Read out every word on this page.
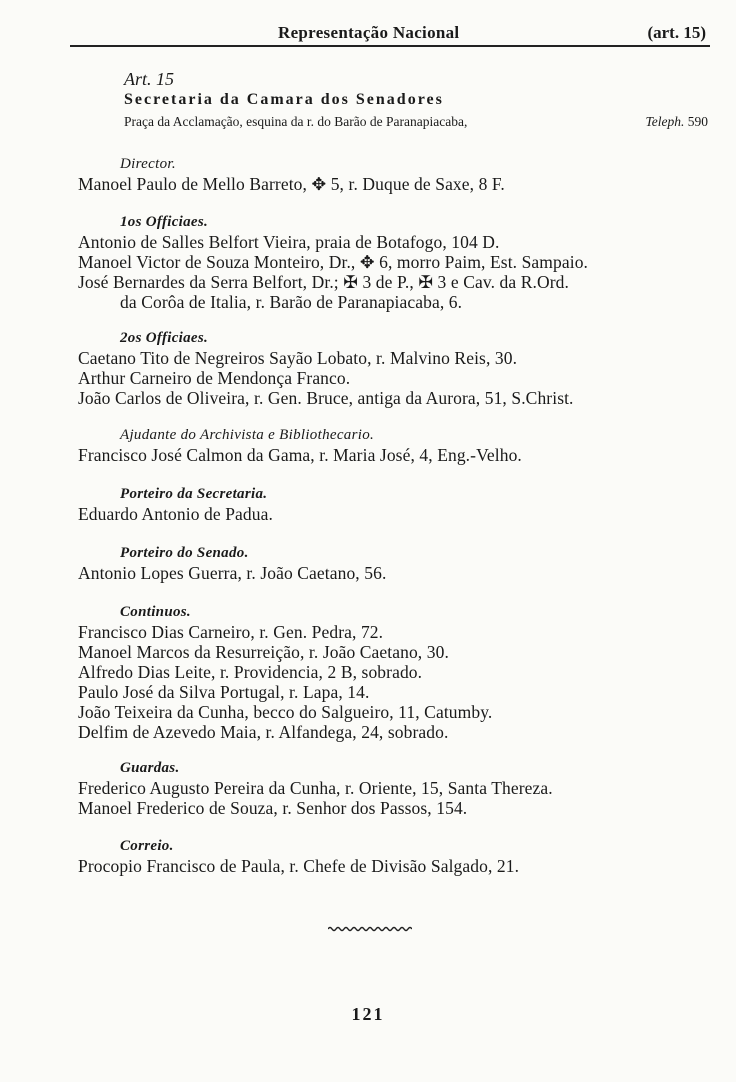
Representação Nacional	(art. 15)
Art. 15
Secretaria da Camara dos Senadores
Praça da Acclamação, esquina da r. do Barão de Paranapiacaba,	Teleph. 590
Director.
Manoel Paulo de Mello Barreto, ✥ 5, r. Duque de Saxe, 8 F.
1os Officiaes.
Antonio de Salles Belfort Vieira, praia de Botafogo, 104 D.
Manoel Victor de Souza Monteiro, Dr., ✥ 6, morro Paim, Est. Sampaio.
José Bernardes da Serra Belfort, Dr.; ✠ 3 de P., ✠ 3 e Cav. da R.Ord.
da Corôa de Italia, r. Barão de Paranapiacaba, 6.
2os Officiaes.
Caetano Tito de Negreiros Sayão Lobato, r. Malvino Reis, 30.
Arthur Carneiro de Mendonça Franco.
João Carlos de Oliveira, r. Gen. Bruce, antiga da Aurora, 51, S.Christ.
Ajudante do Archivista e Bibliothecario.
Francisco José Calmon da Gama, r. Maria José, 4, Eng.-Velho.
Porteiro da Secretaria.
Eduardo Antonio de Padua.
Porteiro do Senado.
Antonio Lopes Guerra, r. João Caetano, 56.
Continuos.
Francisco Dias Carneiro, r. Gen. Pedra, 72.
Manoel Marcos da Resurreição, r. João Caetano, 30.
Alfredo Dias Leite, r. Providencia, 2 B, sobrado.
Paulo José da Silva Portugal, r. Lapa, 14.
João Teixeira da Cunha, becco do Salgueiro, 11, Catumby.
Delfim de Azevedo Maia, r. Alfandega, 24, sobrado.
Guardas.
Frederico Augusto Pereira da Cunha, r. Oriente, 15, Santa Thereza.
Manoel Frederico de Souza, r. Senhor dos Passos, 154.
Correio.
Procopio Francisco de Paula, r. Chefe de Divisão Salgado, 21.
121
